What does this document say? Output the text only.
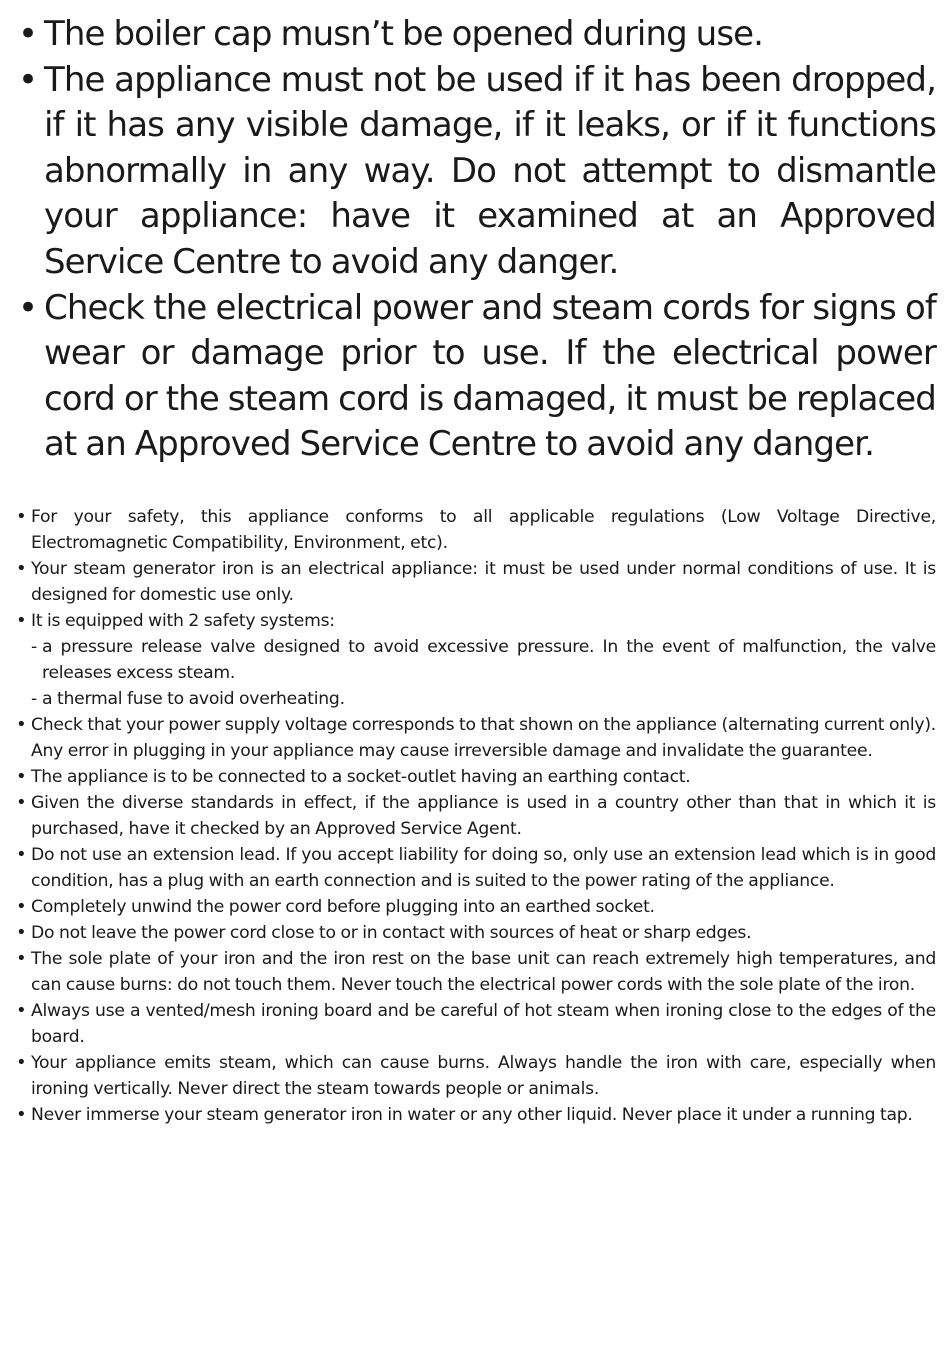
• The boiler cap musn’t be opened during use.
• The appliance must not be used if it has been dropped, if it has any visible damage, if it leaks, or if it functions abnormally in any way. Do not attempt to dismantle your appliance: have it examined at an Approved Service Centre to avoid any danger.
• Check the electrical power and steam cords for signs of wear or damage prior to use. If the electrical power cord or the steam cord is damaged, it must be replaced at an Approved Service Centre to avoid any danger.
• For your safety, this appliance conforms to all applicable regulations (Low Voltage Directive, Electromagnetic Compatibility, Environment, etc).
• Your steam generator iron is an electrical appliance: it must be used under normal conditions of use. It is designed for domestic use only.
• It is equipped with 2 safety systems:
- a pressure release valve designed to avoid excessive pressure. In the event of malfunction, the valve releases excess steam.
- a thermal fuse to avoid overheating.
• Check that your power supply voltage corresponds to that shown on the appliance (alternating current only). Any error in plugging in your appliance may cause irreversible damage and invalidate the guarantee.
• The appliance is to be connected to a socket-outlet having an earthing contact.
• Given the diverse standards in effect, if the appliance is used in a country other than that in which it is purchased, have it checked by an Approved Service Agent.
• Do not use an extension lead. If you accept liability for doing so, only use an extension lead which is in good condition, has a plug with an earth connection and is suited to the power rating of the appliance.
• Completely unwind the power cord before plugging into an earthed socket.
• Do not leave the power cord close to or in contact with sources of heat or sharp edges.
• The sole plate of your iron and the iron rest on the base unit can reach extremely high temperatures, and can cause burns: do not touch them. Never touch the electrical power cords with the sole plate of the iron.
• Always use a vented/mesh ironing board and be careful of hot steam when ironing close to the edges of the board.
• Your appliance emits steam, which can cause burns. Always handle the iron with care, especially when ironing vertically. Never direct the steam towards people or animals.
• Never immerse your steam generator iron in water or any other liquid. Never place it under a running tap.
